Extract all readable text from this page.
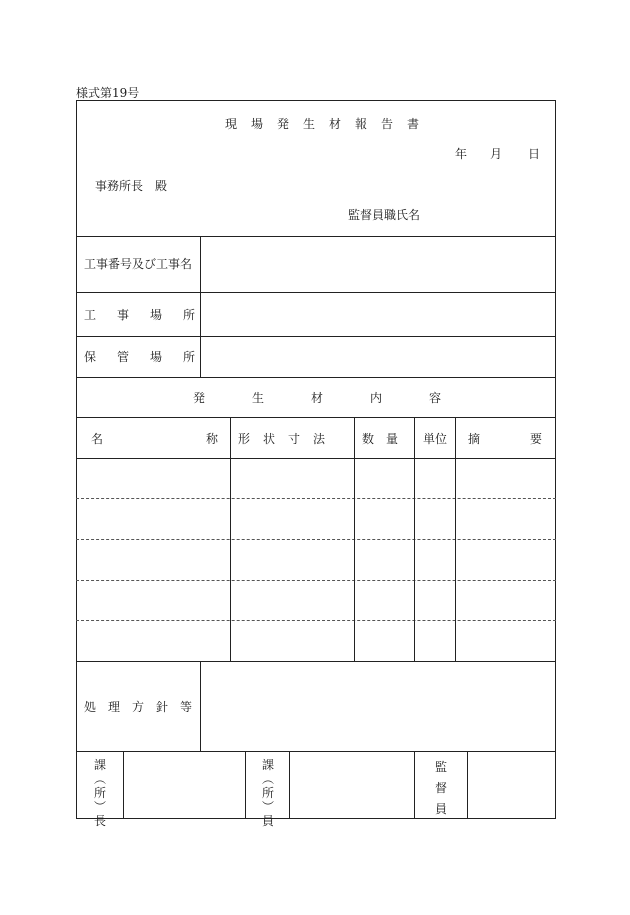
様式第19号
現場発生材報告書
年 月 日
事務所長　殿
監督員職氏名
工事番号及び工事名
工事場所
保管場所
発生材内容
名	称 形状寸法 数量 単位 摘	要
処理方針等
課
︵
所
︶
長
課
︵
所
︶
員
監
督
員
